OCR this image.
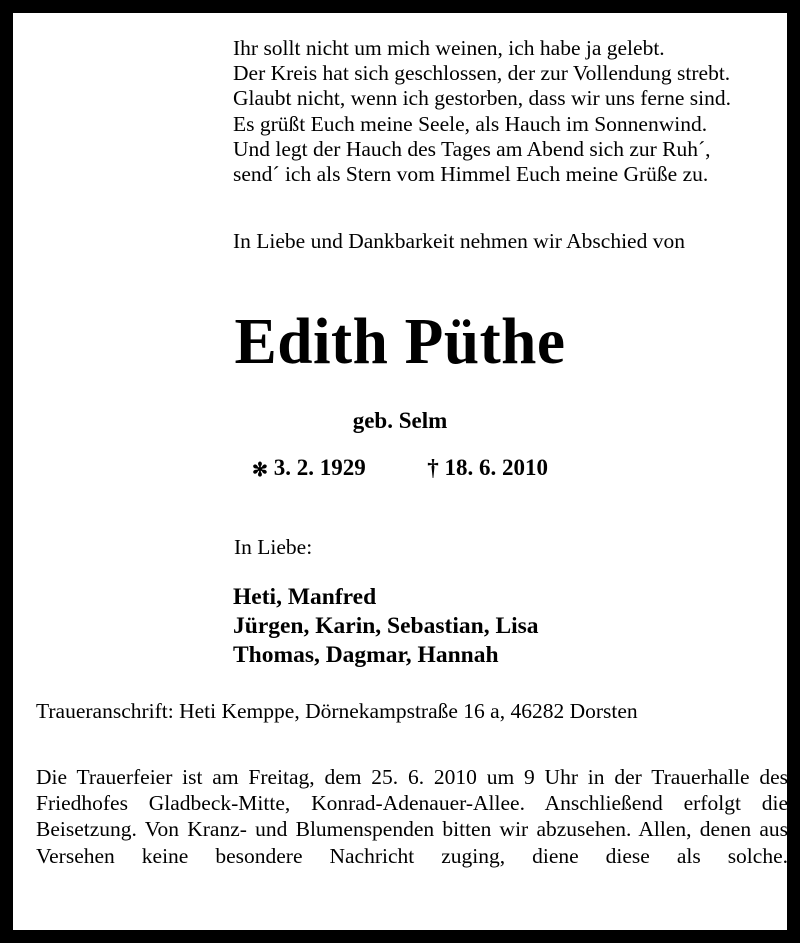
Ihr sollt nicht um mich weinen, ich habe ja gelebt.
Der Kreis hat sich geschlossen, der zur Vollendung strebt.
Glaubt nicht, wenn ich gestorben, dass wir uns ferne sind.
Es grüßt Euch meine Seele, als Hauch im Sonnenwind.
Und legt der Hauch des Tages am Abend sich zur Ruh´,
send´ ich als Stern vom Himmel Euch meine Grüße zu.
In Liebe und Dankbarkeit nehmen wir Abschied von
Edith Püthe
geb. Selm
✻ 3. 2. 1929	† 18. 6. 2010
In Liebe:
Heti, Manfred
Jürgen, Karin, Sebastian, Lisa
Thomas, Dagmar, Hannah
Traueranschrift: Heti Kemppe, Dörnekampstraße 16 a, 46282 Dorsten
Die Trauerfeier ist am Freitag, dem 25. 6. 2010 um 9 Uhr in der Trauerhalle des Friedhofes Gladbeck-Mitte, Konrad-Adenauer-Allee. Anschließend erfolgt die Beisetzung. Von Kranz- und Blumenspenden bitten wir abzusehen. Allen, denen aus Versehen keine besondere Nachricht zuging, diene diese als solche.
